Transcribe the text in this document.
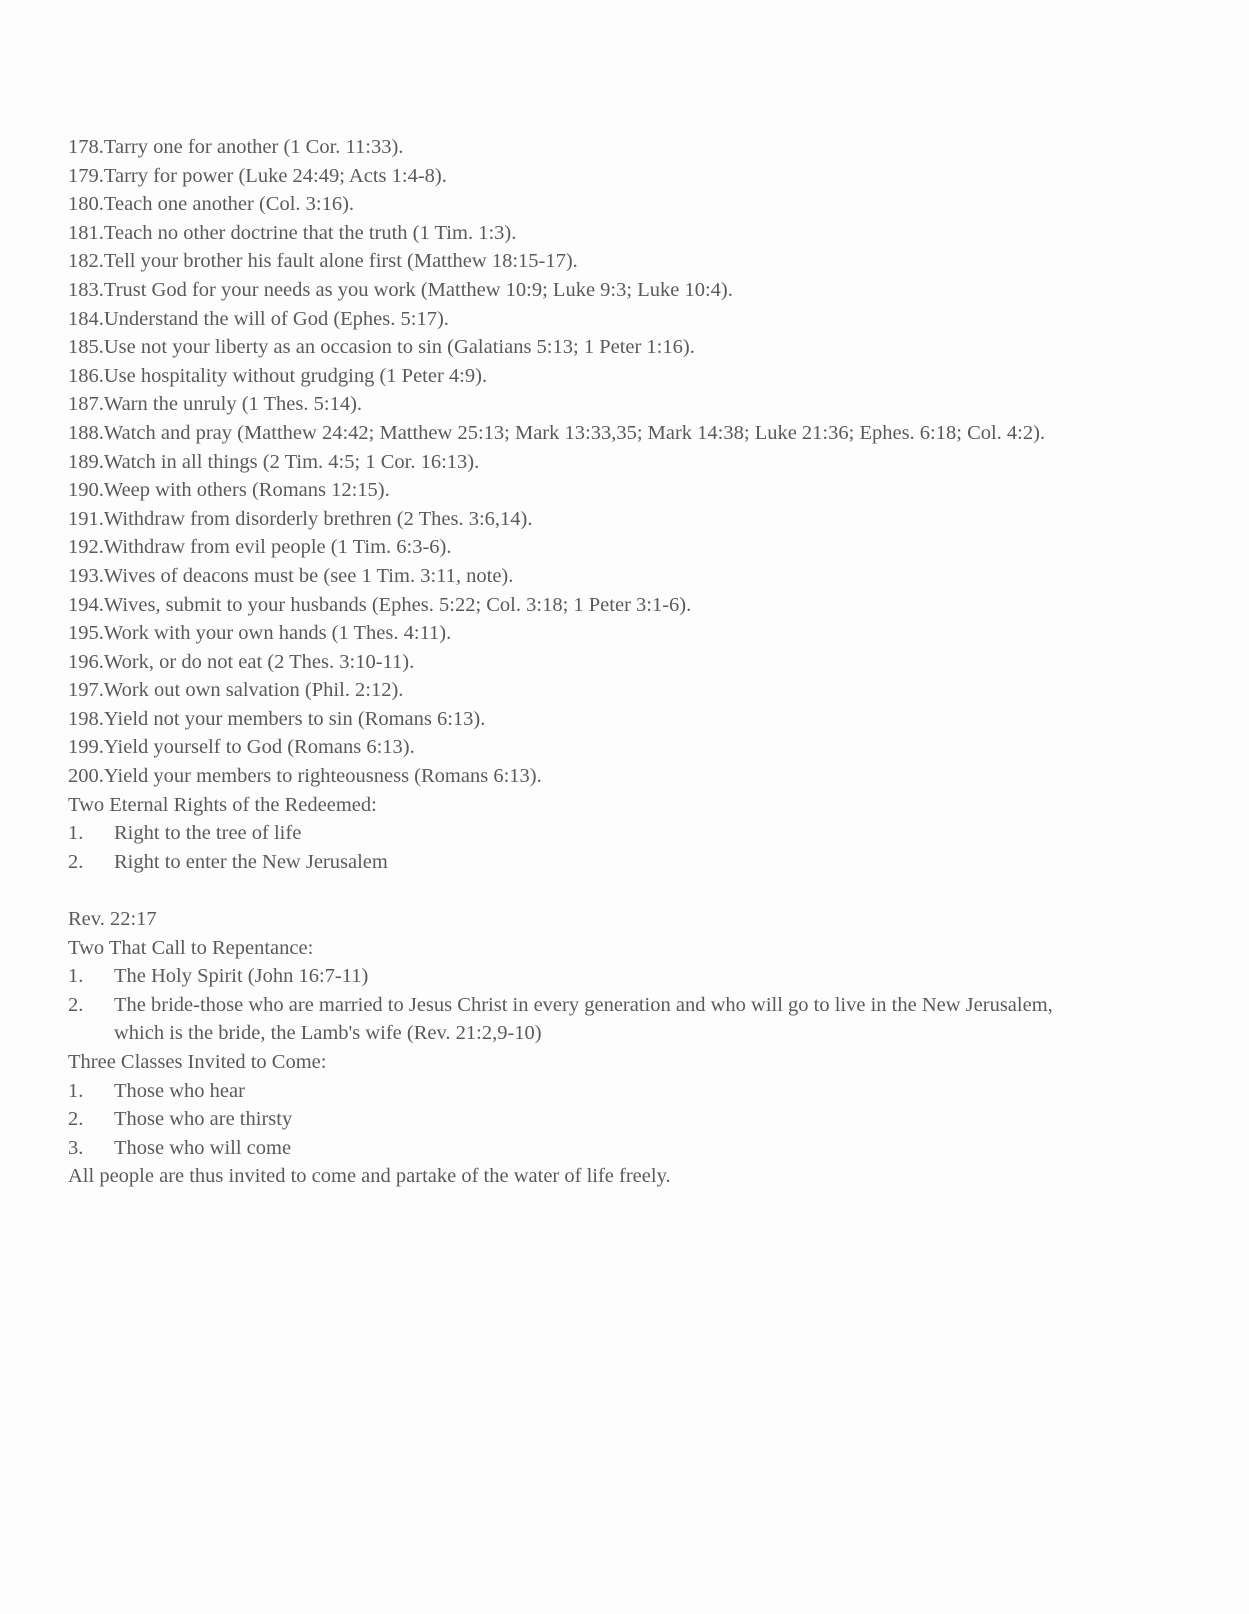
178. Tarry one for another (1 Cor. 11:33).
179. Tarry for power (Luke 24:49; Acts 1:4-8).
180. Teach one another (Col. 3:16).
181. Teach no other doctrine that the truth (1 Tim. 1:3).
182. Tell your brother his fault alone first (Matthew 18:15-17).
183. Trust God for your needs as you work (Matthew 10:9; Luke 9:3; Luke 10:4).
184. Understand the will of God (Ephes. 5:17).
185. Use not your liberty as an occasion to sin (Galatians 5:13; 1 Peter 1:16).
186. Use hospitality without grudging (1 Peter 4:9).
187. Warn the unruly (1 Thes. 5:14).
188. Watch and pray (Matthew 24:42; Matthew 25:13; Mark 13:33,35; Mark 14:38; Luke 21:36; Ephes. 6:18; Col. 4:2).
189. Watch in all things (2 Tim. 4:5; 1 Cor. 16:13).
190. Weep with others (Romans 12:15).
191. Withdraw from disorderly brethren (2 Thes. 3:6,14).
192. Withdraw from evil people (1 Tim. 6:3-6).
193. Wives of deacons must be (see 1 Tim. 3:11, note).
194. Wives, submit to your husbands (Ephes. 5:22; Col. 3:18; 1 Peter 3:1-6).
195. Work with your own hands (1 Thes. 4:11).
196. Work, or do not eat (2 Thes. 3:10-11).
197. Work out own salvation (Phil. 2:12).
198. Yield not your members to sin (Romans 6:13).
199. Yield yourself to God (Romans 6:13).
200. Yield your members to righteousness (Romans 6:13).
Two Eternal Rights of the Redeemed:
1.	Right to the tree of life
2.	Right to enter the New Jerusalem
Rev. 22:17
Two That Call to Repentance:
1.	The Holy Spirit (John 16:7-11)
2.	The bride-those who are married to Jesus Christ in every generation and who will go to live in the New Jerusalem, which is the bride, the Lamb's wife (Rev. 21:2,9-10)
Three Classes Invited to Come:
1.	Those who hear
2.	Those who are thirsty
3.	Those who will come
All people are thus invited to come and partake of the water of life freely.
